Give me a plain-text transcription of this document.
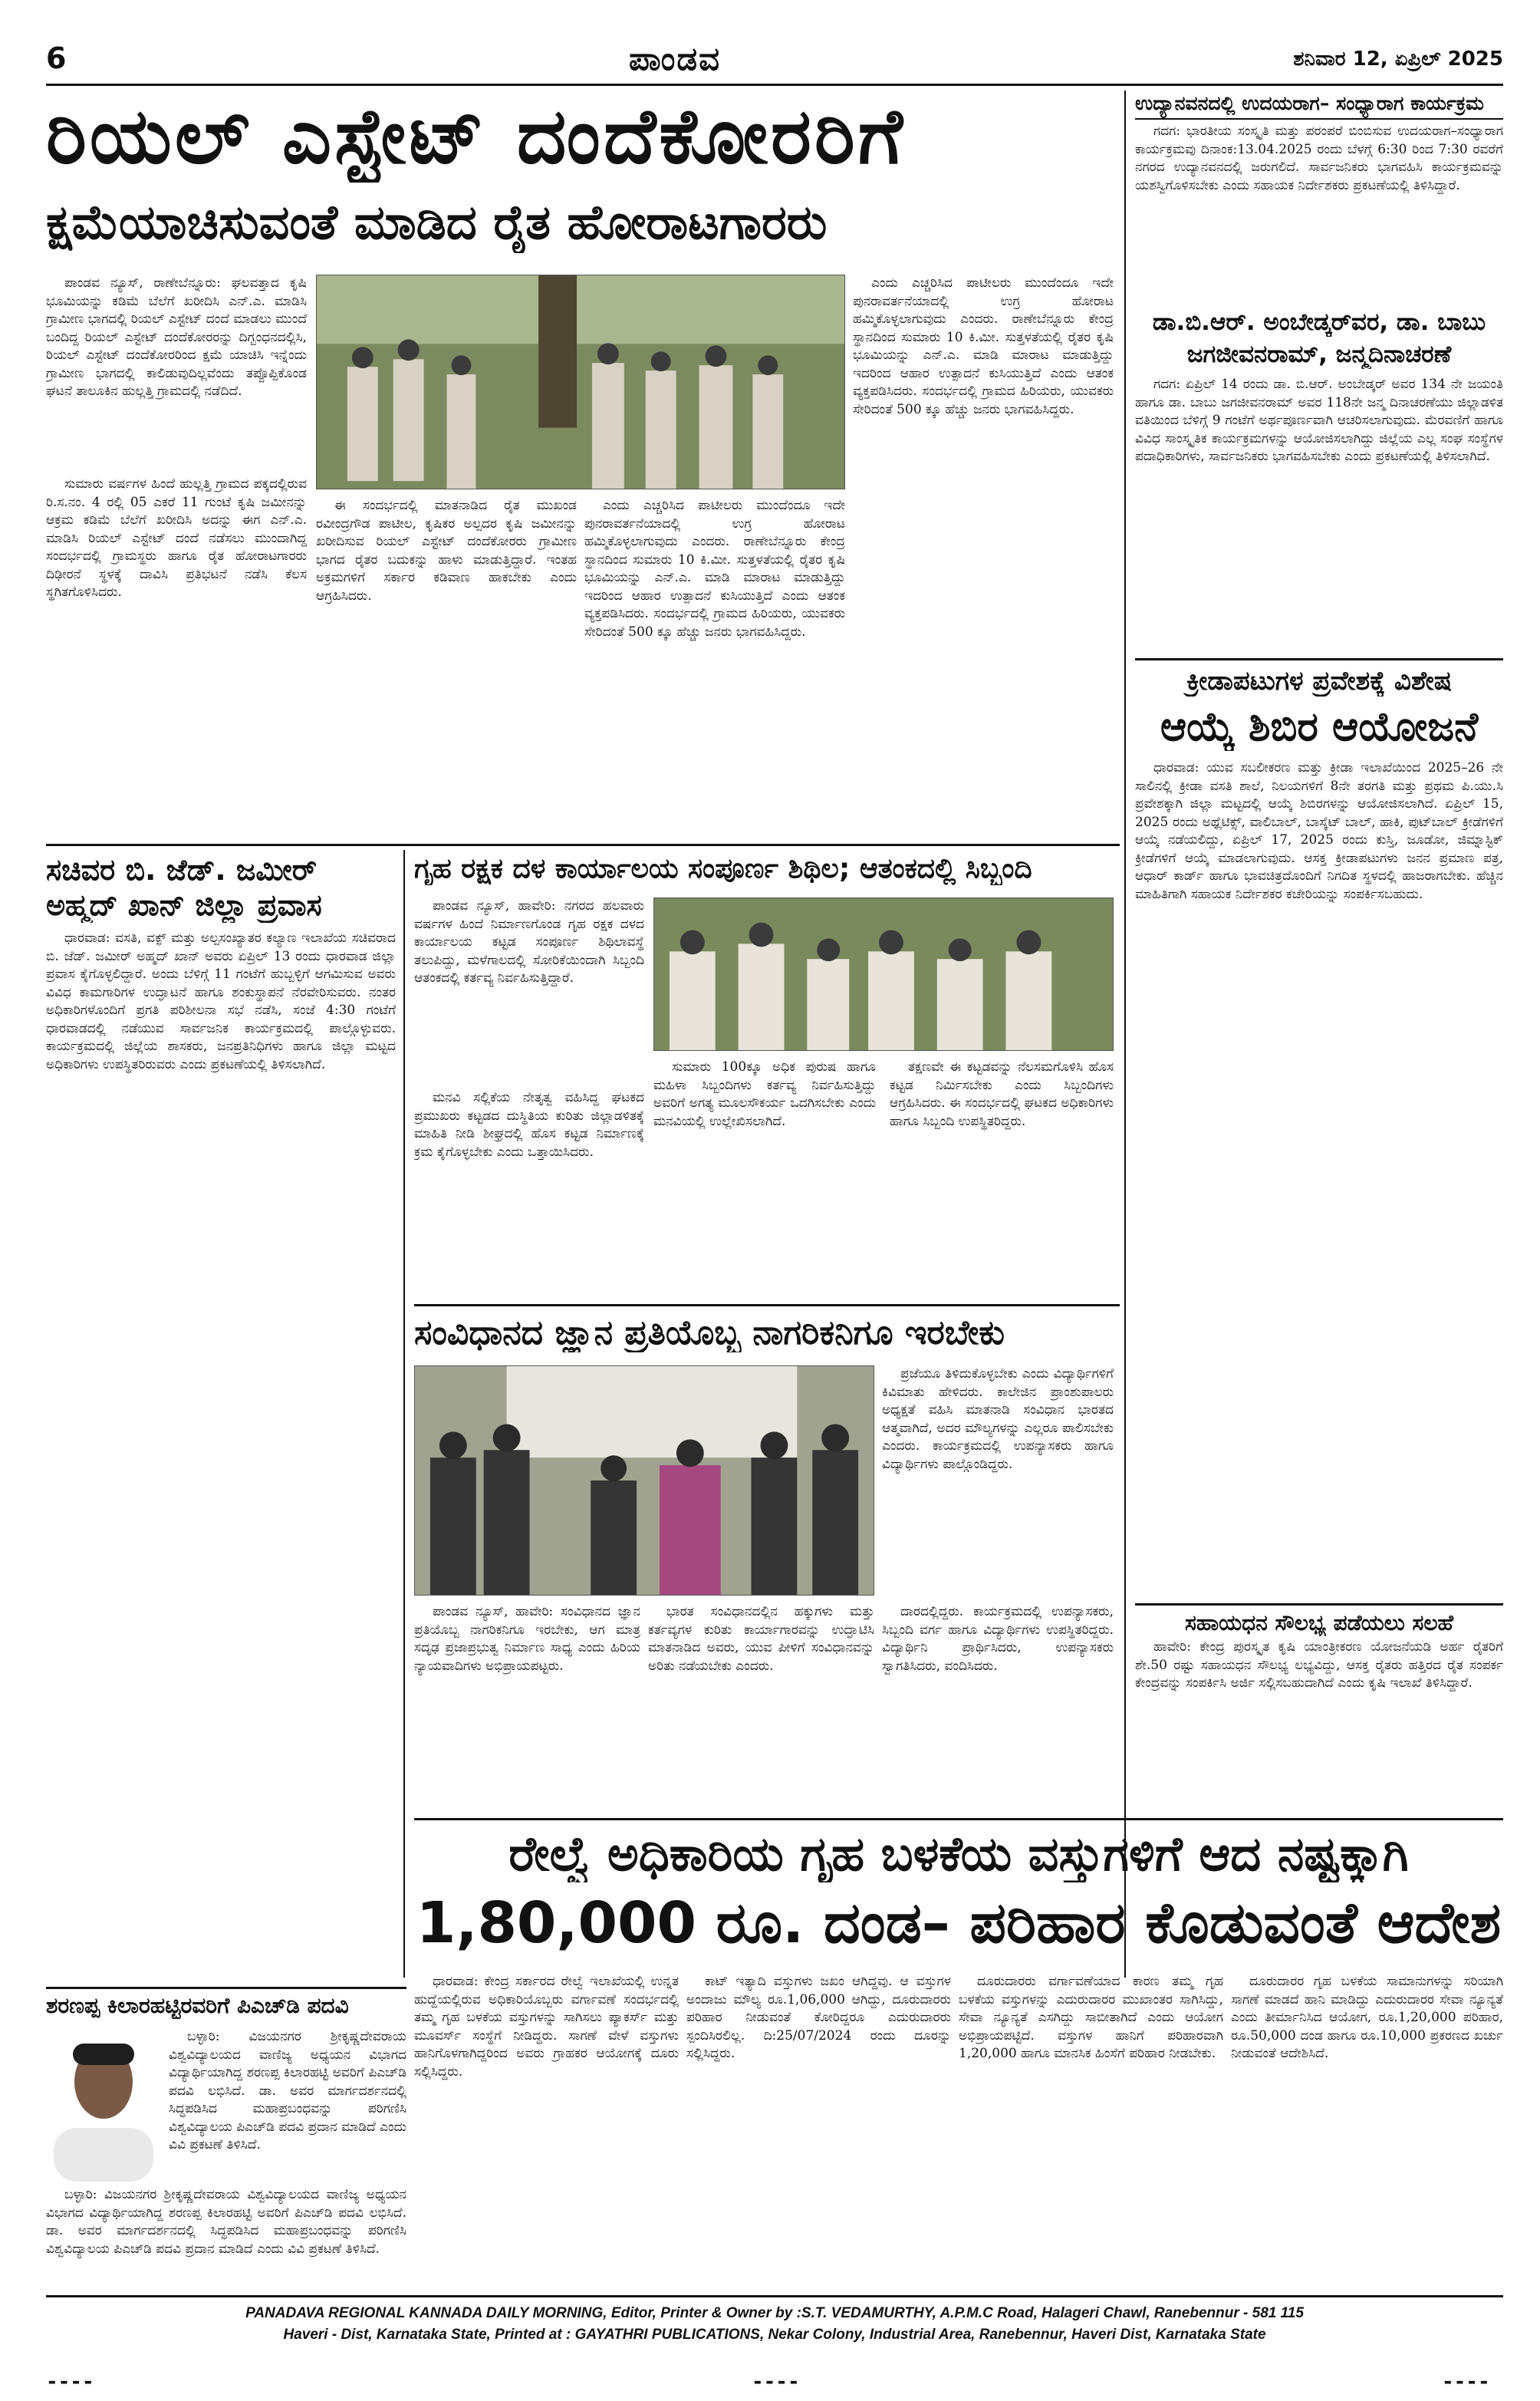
6	ಪಾಂಡವ	ಶನಿವಾರ 12, ಏಪ್ರಿಲ್ 2025
ರಿಯಲ್ ಎಸ್ಟೇಟ್ ದಂದೆಕೋರರಿಗೆ
ಕ್ಷಮೆಯಾಚಿಸುವಂತೆ ಮಾಡಿದ ರೈತ ಹೋರಾಟಗಾರರು

ಪಾಂಡವ ನ್ಯೂಸ್, ರಾಣೇಬೆನ್ನೂರು: ಘಲವತ್ತಾದ ಕೃಷಿ ಭೂಮಿಯನ್ನು ಕಡಿಮೆ ಬೆಲೆಗೆ ಖರೀದಿಸಿ ಎನ್.ಎ. ಮಾಡಿಸಿ ಗ್ರಾಮೀಣ ಭಾಗದಲ್ಲಿ ರಿಯಲ್ ಎಸ್ಟೇಟ್ ದಂದೆ ಮಾಡಲು ಮುಂದೆ ಬಂದಿದ್ದ ರಿಯಲ್ ಎಸ್ಟೇಟ್ ದಂದೆಕೋರರನ್ನು ದಿಗ್ಬಂಧನದಲ್ಲಿಸಿ, ರಿಯಲ್ ಎಸ್ಟೇಟ್ ದಂದೆಕೋರರಿಂದ ಕ್ಷಮೆ ಯಾಚಿಸಿ ಇನ್ನೆಂದು ಗ್ರಾಮೀಣ ಭಾಗದಲ್ಲಿ ಕಾಲಿಡುವುದಿಲ್ಲವೆಂದು ತಪ್ಪೊಪ್ಪಿಕೊಂಡ ಘಟನೆ ತಾಲೂಕಿನ ಹುಲ್ಲತ್ತಿ ಗ್ರಾಮದಲ್ಲಿ ನಡೆದಿದೆ.

ಸುಮಾರು ವರ್ಷಗಳ ಹಿಂದೆ ಹುಲ್ಲತ್ತಿ ಗ್ರಾಮದ ಪಕ್ಕದಲ್ಲಿರುವ ರಿ.ಸ.ನಂ. 4 ರಲ್ಲಿ 05 ಎಕರೆ 11 ಗುಂಟೆ ಕೃಷಿ ಜಮೀನನ್ನು ಆಕ್ರಮ ಕಡಿಮೆ ಬೆಲೆಗೆ ಖರೀದಿಸಿ ಅದನ್ನು ಈಗ ಎನ್.ಎ. ಮಾಡಿಸಿ ರಿಯಲ್ ಎಸ್ಟೇಟ್ ದಂದೆ ನಡೆಸಲು ಮುಂದಾಗಿದ್ದ ಸಂದರ್ಭದಲ್ಲಿ ಗ್ರಾಮಸ್ಥರು ಹಾಗೂ ರೈತ ಹೋರಾಟಗಾರರು ದಿಢೀರನೆ ಸ್ಥಳಕ್ಕೆ ದಾವಿಸಿ ಪ್ರತಿಭಟನೆ ನಡೆಸಿ ಕೆಲಸ ಸ್ಥಗಿತಗೊಳಿಸಿದರು.

ಈ ಸಂದರ್ಭದಲ್ಲಿ ಮಾತನಾಡಿದ ರೈತ ಮುಖಂಡ ರವೀಂದ್ರಗೌಡ ಪಾಟೀಲ, ಕೃಷಿಕರ ಅಲ್ಪದರ ಕೃಷಿ ಜಮೀನನ್ನು ಖರೀದಿಸುವ ರಿಯಲ್ ಎಸ್ಟೇಟ್ ದಂದೆಕೋರರು ಗ್ರಾಮೀಣ ಭಾಗದ ರೈತರ ಬದುಕನ್ನು ಹಾಳು ಮಾಡುತ್ತಿದ್ದಾರೆ. ಇಂತಹ ಅಕ್ರಮಗಳಿಗೆ ಸರ್ಕಾರ ಕಡಿವಾಣ ಹಾಕಬೇಕು ಎಂದು ಆಗ್ರಹಿಸಿದರು.

ಎಂದು ಎಚ್ಚರಿಸಿದ ಪಾಟೀಲರು ಮುಂದೆಂದೂ ಇದೇ ಪುನರಾವರ್ತನೆಯಾದಲ್ಲಿ ಉಗ್ರ ಹೋರಾಟ ಹಮ್ಮಿಕೊಳ್ಳಲಾಗುವುದು ಎಂದರು. ರಾಣೇಬೆನ್ನೂರು ಕೇಂದ್ರ ಸ್ಥಾನದಿಂದ ಸುಮಾರು 10 ಕಿ.ಮೀ. ಸುತ್ತಳತೆಯಲ್ಲಿ ರೈತರ ಕೃಷಿ ಭೂಮಿಯನ್ನು ಎನ್.ಎ. ಮಾಡಿ ಮಾರಾಟ ಮಾಡುತ್ತಿದ್ದು ಇದರಿಂದ ಆಹಾರ ಉತ್ಪಾದನೆ ಕುಸಿಯುತ್ತಿದೆ ಎಂದು ಆತಂಕ ವ್ಯಕ್ತಪಡಿಸಿದರು. ಸಂದರ್ಭದಲ್ಲಿ ಗ್ರಾಮದ ಹಿರಿಯರು, ಯುವಕರು ಸೇರಿದಂತೆ 500 ಕ್ಕೂ ಹೆಚ್ಚು ಜನರು ಭಾಗವಹಿಸಿದ್ದರು.

ಎಂದು ಎಚ್ಚರಿಸಿದ ಪಾಟೀಲರು ಮುಂದೆಂದೂ ಇದೇ ಪುನರಾವರ್ತನೆಯಾದಲ್ಲಿ ಉಗ್ರ ಹೋರಾಟ ಹಮ್ಮಿಕೊಳ್ಳಲಾಗುವುದು ಎಂದರು. ರಾಣೇಬೆನ್ನೂರು ಕೇಂದ್ರ ಸ್ಥಾನದಿಂದ ಸುಮಾರು 10 ಕಿ.ಮೀ. ಸುತ್ತಳತೆಯಲ್ಲಿ ರೈತರ ಕೃಷಿ ಭೂಮಿಯನ್ನು ಎನ್.ಎ. ಮಾಡಿ ಮಾರಾಟ ಮಾಡುತ್ತಿದ್ದು ಇದರಿಂದ ಆಹಾರ ಉತ್ಪಾದನೆ ಕುಸಿಯುತ್ತಿದೆ ಎಂದು ಆತಂಕ ವ್ಯಕ್ತಪಡಿಸಿದರು. ಸಂದರ್ಭದಲ್ಲಿ ಗ್ರಾಮದ ಹಿರಿಯರು, ಯುವಕರು ಸೇರಿದಂತೆ 500 ಕ್ಕೂ ಹೆಚ್ಚು ಜನರು ಭಾಗವಹಿಸಿದ್ದರು.

ಉದ್ಯಾನವನದಲ್ಲಿ ಉದಯರಾಗ– ಸಂಧ್ಯಾರಾಗ ಕಾರ್ಯಕ್ರಮ

ಗದಗ: ಭಾರತೀಯ ಸಂಸ್ಕೃತಿ ಮತ್ತು ಪರಂಪರೆ ಬಿಂಬಿಸುವ ಉದಯರಾಗ–ಸಂಧ್ಯಾರಾಗ ಕಾರ್ಯಕ್ರಮವು ದಿನಾಂಕ:13.04.2025 ರಂದು ಬೆಳಗ್ಗೆ 6:30 ರಿಂದ 7:30 ರವರೆಗೆ ನಗರದ ಉದ್ಯಾನವನದಲ್ಲಿ ಜರುಗಲಿದೆ. ಸಾರ್ವಜನಿಕರು ಭಾಗವಹಿಸಿ ಕಾರ್ಯಕ್ರಮವನ್ನು ಯಶಸ್ವಿಗೊಳಿಸಬೇಕು ಎಂದು ಸಹಾಯಕ ನಿರ್ದೇಶಕರು ಪ್ರಕಟಣೆಯಲ್ಲಿ ತಿಳಿಸಿದ್ದಾರೆ.

ಡಾ.ಬಿ.ಆರ್. ಅಂಬೇಡ್ಕರ್‌ವರ, ಡಾ. ಬಾಬು
ಜಗಜೀವನರಾಮ್, ಜನ್ಮದಿನಾಚರಣೆ

ಗದಗ: ಏಪ್ರಿಲ್ 14 ರಂದು ಡಾ. ಬಿ.ಆರ್. ಅಂಬೇಡ್ಕರ್ ಅವರ 134 ನೇ ಜಯಂತಿ ಹಾಗೂ ಡಾ. ಬಾಬು ಜಗಜೀವನರಾಮ್ ಅವರ 118ನೇ ಜನ್ಮ ದಿನಾಚರಣೆಯು ಜಿಲ್ಲಾಡಳಿತ ವತಿಯಿಂದ ಬೆಳಿಗ್ಗೆ 9 ಗಂಟೆಗೆ ಅರ್ಥಪೂರ್ಣವಾಗಿ ಆಚರಿಸಲಾಗುವುದು. ಮೆರವಣಿಗೆ ಹಾಗೂ ವಿವಿಧ ಸಾಂಸ್ಕೃತಿಕ ಕಾರ್ಯಕ್ರಮಗಳನ್ನು ಆಯೋಜಿಸಲಾಗಿದ್ದು ಜಿಲ್ಲೆಯ ಎಲ್ಲ ಸಂಘ ಸಂಸ್ಥೆಗಳ ಪದಾಧಿಕಾರಿಗಳು, ಸಾರ್ವಜನಿಕರು ಭಾಗವಹಿಸಬೇಕು ಎಂದು ಪ್ರಕಟಣೆಯಲ್ಲಿ ತಿಳಿಸಲಾಗಿದೆ.

ಕ್ರೀಡಾಪಟುಗಳ ಪ್ರವೇಶಕ್ಕೆ ವಿಶೇಷ
ಆಯ್ಕೆ ಶಿಬಿರ ಆಯೋಜನೆ

ಧಾರವಾಡ: ಯುವ ಸಬಲೀಕರಣ ಮತ್ತು ಕ್ರೀಡಾ ಇಲಾಖೆಯಿಂದ 2025–26 ನೇ ಸಾಲಿನಲ್ಲಿ ಕ್ರೀಡಾ ವಸತಿ ಶಾಲೆ, ನಿಲಯಗಳಿಗೆ 8ನೇ ತರಗತಿ ಮತ್ತು ಪ್ರಥಮ ಪಿ.ಯು.ಸಿ ಪ್ರವೇಶಕ್ಕಾಗಿ ಜಿಲ್ಲಾ ಮಟ್ಟದಲ್ಲಿ ಆಯ್ಕೆ ಶಿಬಿರಗಳನ್ನು ಆಯೋಜಿಸಲಾಗಿದೆ. ಏಪ್ರಿಲ್ 15, 2025 ರಂದು ಅಥ್ಲೆಟಿಕ್ಸ್, ವಾಲಿಬಾಲ್, ಬಾಸ್ಕೆಟ್ ಬಾಲ್, ಹಾಕಿ, ಪುಟ್‌ಬಾಲ್ ಕ್ರೀಡೆಗಳಿಗೆ ಆಯ್ಕೆ ನಡೆಯಲಿದ್ದು, ಏಪ್ರಿಲ್ 17, 2025 ರಂದು ಕುಸ್ತಿ, ಜೂಡೋ, ಜಿಮ್ನಾಸ್ಟಿಕ್ ಕ್ರೀಡೆಗಳಿಗೆ ಆಯ್ಕೆ ಮಾಡಲಾಗುವುದು. ಆಸಕ್ತ ಕ್ರೀಡಾಪಟುಗಳು ಜನನ ಪ್ರಮಾಣ ಪತ್ರ, ಆಧಾರ್ ಕಾರ್ಡ್ ಹಾಗೂ ಭಾವಚಿತ್ರದೊಂದಿಗೆ ನಿಗದಿತ ಸ್ಥಳದಲ್ಲಿ ಹಾಜರಾಗಬೇಕು. ಹೆಚ್ಚಿನ ಮಾಹಿತಿಗಾಗಿ ಸಹಾಯಕ ನಿರ್ದೇಶಕರ ಕಚೇರಿಯನ್ನು ಸಂಪರ್ಕಿಸಬಹುದು.

ಸಹಾಯಧನ ಸೌಲಭ್ಯ ಪಡೆಯಲು ಸಲಹೆ

ಹಾವೇರಿ: ಕೇಂದ್ರ ಪುರಸ್ಕೃತ ಕೃಷಿ ಯಾಂತ್ರೀಕರಣ ಯೋಜನೆಯಡಿ ಅರ್ಹ ರೈತರಿಗೆ ಶೇ.50 ರಷ್ಟು ಸಹಾಯಧನ ಸೌಲಭ್ಯ ಲಭ್ಯವಿದ್ದು, ಆಸಕ್ತ ರೈತರು ಹತ್ತಿರದ ರೈತ ಸಂಪರ್ಕ ಕೇಂದ್ರವನ್ನು ಸಂಪರ್ಕಿಸಿ ಅರ್ಜಿ ಸಲ್ಲಿಸಬಹುದಾಗಿದೆ ಎಂದು ಕೃಷಿ ಇಲಾಖೆ ತಿಳಿಸಿದ್ದಾರೆ.

ಸಚಿವರ ಬಿ. ಜೆಡ್. ಜಮೀರ್
ಅಹ್ಮದ್ ಖಾನ್ ಜಿಲ್ಲಾ ಪ್ರವಾಸ

ಧಾರವಾಡ: ವಸತಿ, ವಕ್ಫ್ ಮತ್ತು ಅಲ್ಪಸಂಖ್ಯಾತರ ಕಲ್ಯಾಣ ಇಲಾಖೆಯ ಸಚಿವರಾದ ಬಿ. ಜೆಡ್. ಜಮೀರ್ ಅಹ್ಮದ್ ಖಾನ್ ಅವರು ಏಪ್ರಿಲ್ 13 ರಂದು ಧಾರವಾಡ ಜಿಲ್ಲಾ ಪ್ರವಾಸ ಕೈಗೊಳ್ಳಲಿದ್ದಾರೆ. ಅಂದು ಬೆಳಿಗ್ಗೆ 11 ಗಂಟೆಗೆ ಹುಬ್ಬಳ್ಳಿಗೆ ಆಗಮಿಸುವ ಅವರು ವಿವಿಧ ಕಾಮಗಾರಿಗಳ ಉದ್ಘಾಟನೆ ಹಾಗೂ ಶಂಕುಸ್ಥಾಪನೆ ನೆರವೇರಿಸುವರು. ನಂತರ ಅಧಿಕಾರಿಗಳೊಂದಿಗೆ ಪ್ರಗತಿ ಪರಿಶೀಲನಾ ಸಭೆ ನಡೆಸಿ, ಸಂಜೆ 4:30 ಗಂಟೆಗೆ ಧಾರವಾಡದಲ್ಲಿ ನಡೆಯುವ ಸಾರ್ವಜನಿಕ ಕಾರ್ಯಕ್ರಮದಲ್ಲಿ ಪಾಲ್ಗೊಳ್ಳುವರು. ಕಾರ್ಯಕ್ರಮದಲ್ಲಿ ಜಿಲ್ಲೆಯ ಶಾಸಕರು, ಜನಪ್ರತಿನಿಧಿಗಳು ಹಾಗೂ ಜಿಲ್ಲಾ ಮಟ್ಟದ ಅಧಿಕಾರಿಗಳು ಉಪಸ್ಥಿತರಿರುವರು ಎಂದು ಪ್ರಕಟಣೆಯಲ್ಲಿ ತಿಳಿಸಲಾಗಿದೆ.

ಗೃಹ ರಕ್ಷಕ ದಳ ಕಾರ್ಯಾಲಯ ಸಂಪೂರ್ಣ ಶಿಥಿಲ; ಆತಂಕದಲ್ಲಿ ಸಿಬ್ಬಂದಿ

ಪಾಂಡವ ನ್ಯೂಸ್, ಹಾವೇರಿ: ನಗರದ ಹಲವಾರು ವರ್ಷಗಳ ಹಿಂದೆ ನಿರ್ಮಾಣಗೊಂಡ ಗೃಹ ರಕ್ಷಕ ದಳದ ಕಾರ್ಯಾಲಯ ಕಟ್ಟಡ ಸಂಪೂರ್ಣ ಶಿಥಿಲಾವಸ್ಥೆ ತಲುಪಿದ್ದು, ಮಳೆಗಾಲದಲ್ಲಿ ಸೋರಿಕೆಯಿಂದಾಗಿ ಸಿಬ್ಬಂದಿ ಆತಂಕದಲ್ಲಿ ಕರ್ತವ್ಯ ನಿರ್ವಹಿಸುತ್ತಿದ್ದಾರೆ.

ಮನವಿ ಸಲ್ಲಿಕೆಯ ನೇತೃತ್ವ ವಹಿಸಿದ್ದ ಘಟಕದ ಪ್ರಮುಖರು ಕಟ್ಟಡದ ದುಸ್ಥಿತಿಯ ಕುರಿತು ಜಿಲ್ಲಾಡಳಿತಕ್ಕೆ ಮಾಹಿತಿ ನೀಡಿ ಶೀಘ್ರದಲ್ಲಿ ಹೊಸ ಕಟ್ಟಡ ನಿರ್ಮಾಣಕ್ಕೆ ಕ್ರಮ ಕೈಗೊಳ್ಳಬೇಕು ಎಂದು ಒತ್ತಾಯಿಸಿದರು.

ಸುಮಾರು 100ಕ್ಕೂ ಅಧಿಕ ಪುರುಷ ಹಾಗೂ ಮಹಿಳಾ ಸಿಬ್ಬಂದಿಗಳು ಕರ್ತವ್ಯ ನಿರ್ವಹಿಸುತ್ತಿದ್ದು ಅವರಿಗೆ ಅಗತ್ಯ ಮೂಲಸೌಕರ್ಯ ಒದಗಿಸಬೇಕು ಎಂದು ಮನವಿಯಲ್ಲಿ ಉಲ್ಲೇಖಿಸಲಾಗಿದೆ.

ತಕ್ಷಣವೇ ಈ ಕಟ್ಟಡವನ್ನು ನೆಲಸಮಗೊಳಿಸಿ ಹೊಸ ಕಟ್ಟಡ ನಿರ್ಮಿಸಬೇಕು ಎಂದು ಸಿಬ್ಬಂದಿಗಳು ಆಗ್ರಹಿಸಿದರು. ಈ ಸಂದರ್ಭದಲ್ಲಿ ಘಟಕದ ಅಧಿಕಾರಿಗಳು ಹಾಗೂ ಸಿಬ್ಬಂದಿ ಉಪಸ್ಥಿತರಿದ್ದರು.

ಸಂವಿಧಾನದ ಜ್ಞಾನ ಪ್ರತಿಯೊಬ್ಬ ನಾಗರಿಕನಿಗೂ ಇರಬೇಕು

ಪ್ರಜೆಯೂ ತಿಳಿದುಕೊಳ್ಳಬೇಕು ಎಂದು ವಿದ್ಯಾರ್ಥಿಗಳಿಗೆ ಕಿವಿಮಾತು ಹೇಳಿದರು. ಕಾಲೇಜಿನ ಪ್ರಾಂಶುಪಾಲರು ಅಧ್ಯಕ್ಷತೆ ವಹಿಸಿ ಮಾತನಾಡಿ ಸಂವಿಧಾನ ಭಾರತದ ಆತ್ಮವಾಗಿದೆ, ಅದರ ಮೌಲ್ಯಗಳನ್ನು ಎಲ್ಲರೂ ಪಾಲಿಸಬೇಕು ಎಂದರು. ಕಾರ್ಯಕ್ರಮದಲ್ಲಿ ಉಪನ್ಯಾಸಕರು ಹಾಗೂ ವಿದ್ಯಾರ್ಥಿಗಳು ಪಾಲ್ಗೊಂಡಿದ್ದರು.

ಪಾಂಡವ ನ್ಯೂಸ್, ಹಾವೇರಿ: ಸಂವಿಧಾನದ ಜ್ಞಾನ ಪ್ರತಿಯೊಬ್ಬ ನಾಗರಿಕನಿಗೂ ಇರಬೇಕು, ಆಗ ಮಾತ್ರ ಸದೃಢ ಪ್ರಜಾಪ್ರಭುತ್ವ ನಿರ್ಮಾಣ ಸಾಧ್ಯ ಎಂದು ಹಿರಿಯ ನ್ಯಾಯವಾದಿಗಳು ಅಭಿಪ್ರಾಯಪಟ್ಟರು.

ಭಾರತ ಸಂವಿಧಾನದಲ್ಲಿನ ಹಕ್ಕುಗಳು ಮತ್ತು ಕರ್ತವ್ಯಗಳ ಕುರಿತು ಕಾರ್ಯಾಗಾರವನ್ನು ಉದ್ಘಾಟಿಸಿ ಮಾತನಾಡಿದ ಅವರು, ಯುವ ಪೀಳಿಗೆ ಸಂವಿಧಾನವನ್ನು ಅರಿತು ನಡೆಯಬೇಕು ಎಂದರು.

ದಾರದಲ್ಲಿದ್ದರು. ಕಾರ್ಯಕ್ರಮದಲ್ಲಿ ಉಪನ್ಯಾಸಕರು, ಸಿಬ್ಬಂದಿ ವರ್ಗ ಹಾಗೂ ವಿದ್ಯಾರ್ಥಿಗಳು ಉಪಸ್ಥಿತರಿದ್ದರು. ವಿದ್ಯಾರ್ಥಿನಿ ಪ್ರಾರ್ಥಿಸಿದರು, ಉಪನ್ಯಾಸಕರು ಸ್ವಾಗತಿಸಿದರು, ವಂದಿಸಿದರು.

ರೇಲ್ವೆ ಅಧಿಕಾರಿಯ ಗೃಹ ಬಳಕೆಯ ವಸ್ತುಗಳಿಗೆ ಆದ ನಷ್ಟಕ್ಕಾಗಿ
1,80,000 ರೂ. ದಂಡ– ಪರಿಹಾರ ಕೊಡುವಂತೆ ಆದೇಶ

ಧಾರವಾಡ: ಕೇಂದ್ರ ಸರ್ಕಾರದ ರೇಲ್ವೆ ಇಲಾಖೆಯಲ್ಲಿ ಉನ್ನತ ಹುದ್ದೆಯಲ್ಲಿರುವ ಅಧಿಕಾರಿಯೊಬ್ಬರು ವರ್ಗಾವಣೆ ಸಂದರ್ಭದಲ್ಲಿ ತಮ್ಮ ಗೃಹ ಬಳಕೆಯ ವಸ್ತುಗಳನ್ನು ಸಾಗಿಸಲು ಪ್ಯಾಕರ್ಸ್ ಮತ್ತು ಮೂವರ್ಸ್ ಸಂಸ್ಥೆಗೆ ನೀಡಿದ್ದರು. ಸಾಗಣೆ ವೇಳೆ ವಸ್ತುಗಳು ಹಾನಿಗೊಳಗಾಗಿದ್ದರಿಂದ ಅವರು ಗ್ರಾಹಕರ ಆಯೋಗಕ್ಕೆ ದೂರು ಸಲ್ಲಿಸಿದ್ದರು.

ಕಾಟ್ ಇತ್ಯಾದಿ ವಸ್ತುಗಳು ಜಖಂ ಆಗಿದ್ದವು. ಆ ವಸ್ತುಗಳ ಅಂದಾಜು ಮೌಲ್ಯ ರೂ.1,06,000 ಆಗಿದ್ದು, ದೂರುದಾರರು ಪರಿಹಾರ ನೀಡುವಂತೆ ಕೋರಿದ್ದರೂ ಎದುರುದಾರರು ಸ್ಪಂದಿಸಿರಲಿಲ್ಲ. ದಿ:25/07/2024 ರಂದು ದೂರನ್ನು ಸಲ್ಲಿಸಿದ್ದರು.

ದೂರುದಾರರು ವರ್ಗಾವಣೆಯಾದ ಕಾರಣ ತಮ್ಮ ಗೃಹ ಬಳಕೆಯ ವಸ್ತುಗಳನ್ನು ಎದುರುದಾರರ ಮುಖಾಂತರ ಸಾಗಿಸಿದ್ದು, ಸೇವಾ ನ್ಯೂನ್ಯತೆ ಎಸಗಿದ್ದು ಸಾಬೀತಾಗಿದೆ ಎಂದು ಆಯೋಗ ಅಭಿಪ್ರಾಯಪಟ್ಟಿದೆ. ವಸ್ತುಗಳ ಹಾನಿಗೆ ಪರಿಹಾರವಾಗಿ 1,20,000 ಹಾಗೂ ಮಾನಸಿಕ ಹಿಂಸೆಗೆ ಪರಿಹಾರ ನೀಡಬೇಕು.

ದೂರುದಾರರ ಗೃಹ ಬಳಕೆಯ ಸಾಮಾನುಗಳನ್ನು ಸರಿಯಾಗಿ ಸಾಗಣೆ ಮಾಡದೆ ಹಾನಿ ಮಾಡಿದ್ದು ಎದುರುದಾರರ ಸೇವಾ ನ್ಯೂನ್ಯತೆ ಎಂದು ತೀರ್ಮಾನಿಸಿದ ಆಯೋಗ, ರೂ.1,20,000 ಪರಿಹಾರ, ರೂ.50,000 ದಂಡ ಹಾಗೂ ರೂ.10,000 ಪ್ರಕರಣದ ಖರ್ಚು ನೀಡುವಂತೆ ಆದೇಶಿಸಿದೆ.

ಶರಣಪ್ಪ ಕಿಲಾರಹಟ್ಟಿರವರಿಗೆ ಪಿಎಚ್‌ಡಿ ಪದವಿ

ಬಳ್ಳಾರಿ: ವಿಜಯನಗರ ಶ್ರೀಕೃಷ್ಣದೇವರಾಯ ವಿಶ್ವವಿದ್ಯಾಲಯದ ವಾಣಿಜ್ಯ ಅಧ್ಯಯನ ವಿಭಾಗದ ವಿದ್ಯಾರ್ಥಿಯಾಗಿದ್ದ ಶರಣಪ್ಪ ಕಿಲಾರಹಟ್ಟಿ ಅವರಿಗೆ ಪಿಎಚ್‌ಡಿ ಪದವಿ ಲಭಿಸಿದೆ. ಡಾ. ಅವರ ಮಾರ್ಗದರ್ಶನದಲ್ಲಿ ಸಿದ್ಧಪಡಿಸಿದ ಮಹಾಪ್ರಬಂಧವನ್ನು ಪರಿಗಣಿಸಿ ವಿಶ್ವವಿದ್ಯಾಲಯ ಪಿಎಚ್‌ಡಿ ಪದವಿ ಪ್ರದಾನ ಮಾಡಿದೆ ಎಂದು ವಿವಿ ಪ್ರಕಟಣೆ ತಿಳಿಸಿದೆ.

ಬಳ್ಳಾರಿ: ವಿಜಯನಗರ ಶ್ರೀಕೃಷ್ಣದೇವರಾಯ ವಿಶ್ವವಿದ್ಯಾಲಯದ ವಾಣಿಜ್ಯ ಅಧ್ಯಯನ ವಿಭಾಗದ ವಿದ್ಯಾರ್ಥಿಯಾಗಿದ್ದ ಶರಣಪ್ಪ ಕಿಲಾರಹಟ್ಟಿ ಅವರಿಗೆ ಪಿಎಚ್‌ಡಿ ಪದವಿ ಲಭಿಸಿದೆ. ಡಾ. ಅವರ ಮಾರ್ಗದರ್ಶನದಲ್ಲಿ ಸಿದ್ಧಪಡಿಸಿದ ಮಹಾಪ್ರಬಂಧವನ್ನು ಪರಿಗಣಿಸಿ ವಿಶ್ವವಿದ್ಯಾಲಯ ಪಿಎಚ್‌ಡಿ ಪದವಿ ಪ್ರದಾನ ಮಾಡಿದೆ ಎಂದು ವಿವಿ ಪ್ರಕಟಣೆ ತಿಳಿಸಿದೆ.

PANADAVA REGIONAL KANNADA DAILY MORNING, Editor, Printer & Owner by :S.T. VEDAMURTHY, A.P.M.C Road, Halageri Chawl, Ranebennur - 581 115
Haveri - Dist, Karnataka State, Printed at : GAYATHRI PUBLICATIONS, Nekar Colony, Industrial Area, Ranebennur, Haveri Dist, Karnataka State
----	----	----
